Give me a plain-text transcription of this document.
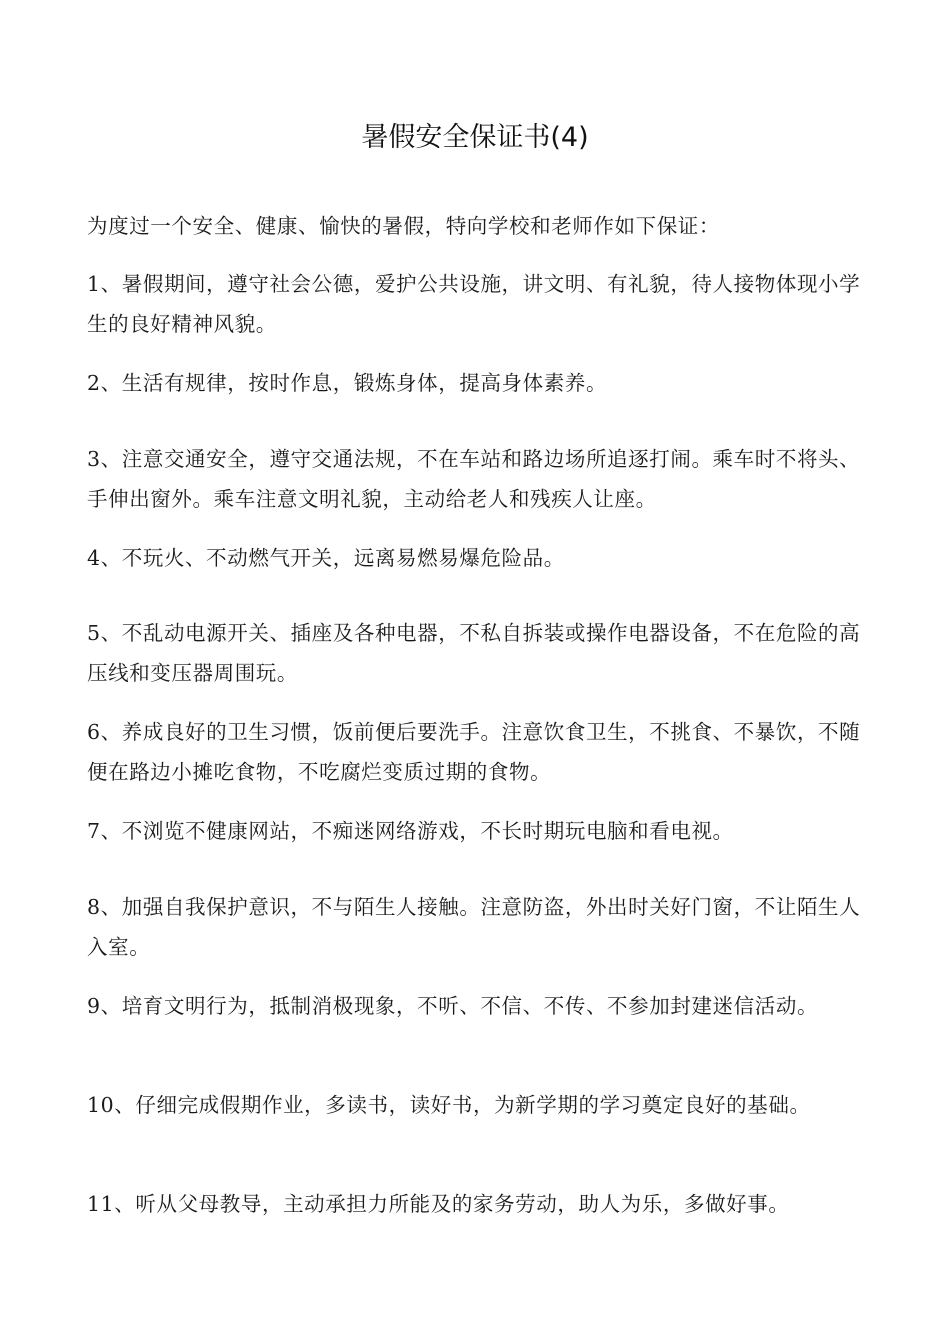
暑假安全保证书(4)

为度过一个安全、健康、愉快的暑假，特向学校和老师作如下保证：

1、暑假期间，遵守社会公德，爱护公共设施，讲文明、有礼貌，待人接物体现小学生的良好精神风貌。

2、生活有规律，按时作息，锻炼身体，提高身体素养。

3、注意交通安全，遵守交通法规，不在车站和路边场所追逐打闹。乘车时不将头、手伸出窗外。乘车注意文明礼貌，主动给老人和残疾人让座。

4、不玩火、不动燃气开关，远离易燃易爆危险品。

5、不乱动电源开关、插座及各种电器，不私自拆装或操作电器设备，不在危险的高压线和变压器周围玩。

6、养成良好的卫生习惯，饭前便后要洗手。注意饮食卫生，不挑食、不暴饮，不随便在路边小摊吃食物，不吃腐烂变质过期的食物。

7、不浏览不健康网站，不痴迷网络游戏，不长时期玩电脑和看电视。

8、加强自我保护意识，不与陌生人接触。注意防盗，外出时关好门窗，不让陌生人入室。

9、培育文明行为，抵制消极现象，不听、不信、不传、不参加封建迷信活动。

10、仔细完成假期作业，多读书，读好书，为新学期的学习奠定良好的基础。

11、听从父母教导，主动承担力所能及的家务劳动，助人为乐，多做好事。
